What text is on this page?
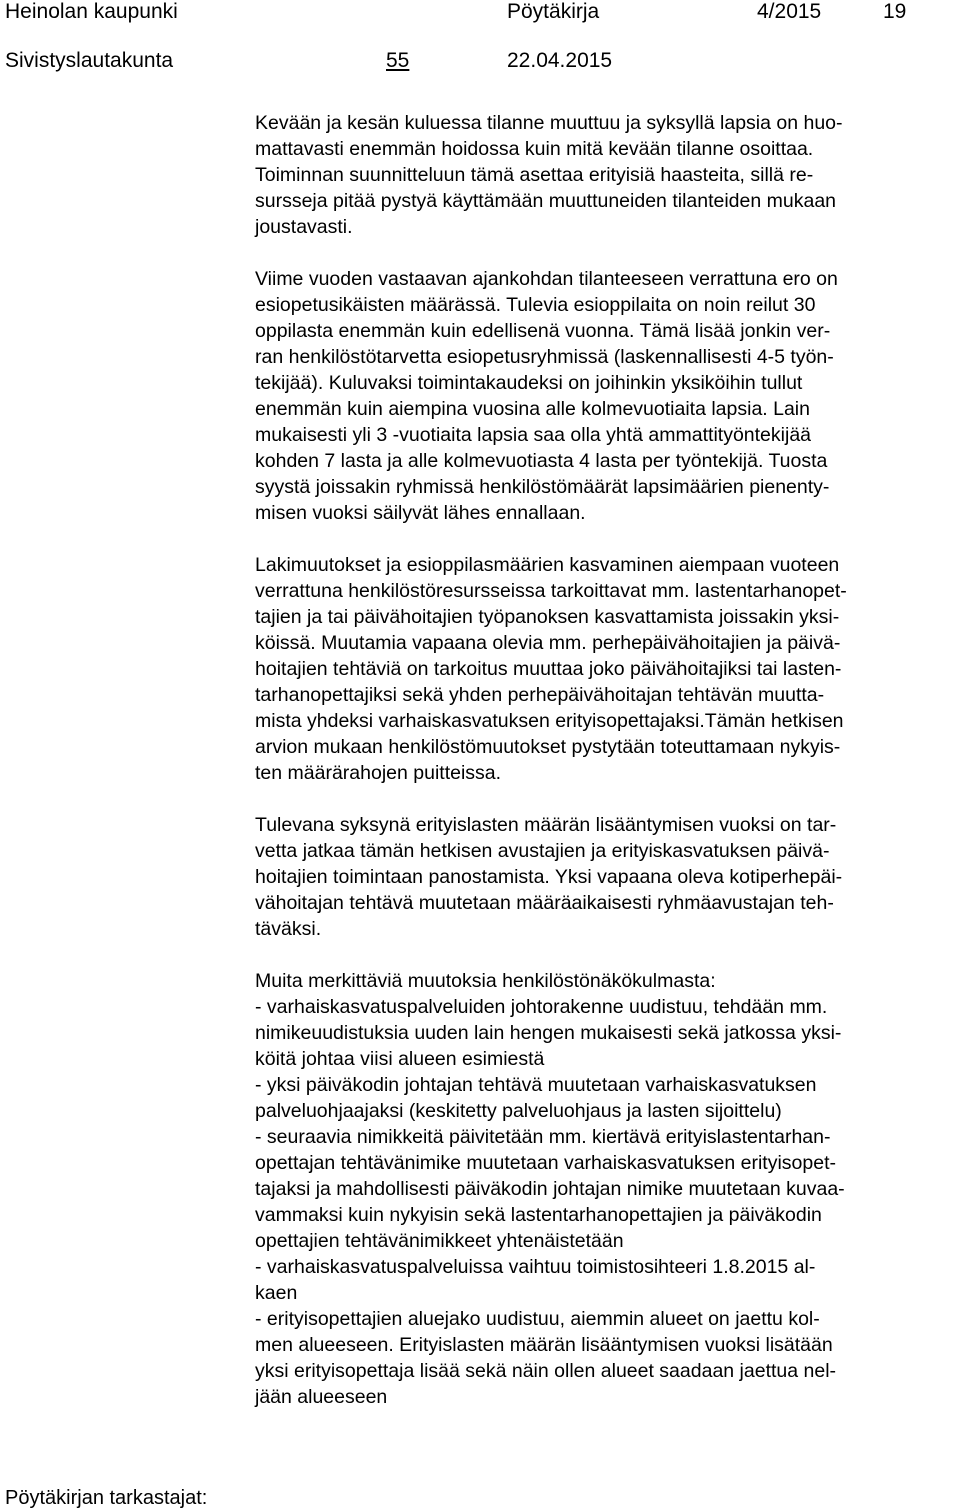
Heinolan kaupunki	Pöytäkirja	4/2015	19
Sivistyslautakunta	55	22.04.2015
Kevään ja kesän kuluessa tilanne muuttuu ja syksyllä lapsia on huo-
mattavasti enemmän hoidossa kuin mitä kevään tilanne osoittaa.
Toiminnan suunnitteluun tämä asettaa erityisiä haasteita, sillä re-
sursseja pitää pystyä käyttämään muuttuneiden tilanteiden mukaan
joustavasti.
Viime vuoden vastaavan ajankohdan tilanteeseen verrattuna ero on
esiopetusikäisten määrässä. Tulevia esioppilaita on noin reilut 30
oppilasta enemmän kuin edellisenä vuonna. Tämä lisää jonkin ver-
ran henkilöstötarvetta esiopetusryhmissä (laskennallisesti 4-5 työn-
tekijää). Kuluvaksi toimintakaudeksi on joihinkin yksiköihin tullut
enemmän kuin aiempina vuosina alle kolmevuotiaita lapsia. Lain
mukaisesti yli 3 -vuotiaita lapsia saa olla yhtä ammattityöntekijää
kohden 7 lasta ja alle kolmevuotiasta 4 lasta per työntekijä. Tuosta
syystä joissakin ryhmissä henkilöstömäärät lapsimäärien pienenty-
misen vuoksi säilyvät lähes ennallaan.
Lakimuutokset ja esioppilasmäärien kasvaminen aiempaan vuoteen
verrattuna henkilöstöresursseissa tarkoittavat mm. lastentarhanopet-
tajien ja tai päivähoitajien työpanoksen kasvattamista joissakin yksi-
köissä. Muutamia vapaana olevia mm. perhepäivähoitajien ja päivä-
hoitajien tehtäviä on tarkoitus muuttaa joko päivähoitajiksi tai lasten-
tarhanopettajiksi sekä yhden perhepäivähoitajan tehtävän muutta-
mista yhdeksi varhaiskasvatuksen erityisopettajaksi.Tämän hetkisen
arvion mukaan henkilöstömuutokset pystytään toteuttamaan nykyis-
ten määrärahojen puitteissa.
Tulevana syksynä erityislasten määrän lisääntymisen vuoksi on tar-
vetta jatkaa tämän hetkisen avustajien ja erityiskasvatuksen päivä-
hoitajien toimintaan panostamista. Yksi vapaana oleva kotiperhepäi-
vähoitajan tehtävä muutetaan määräaikaisesti ryhmäavustajan teh-
täväksi.
Muita merkittäviä muutoksia henkilöstönäkökulmasta:
- varhaiskasvatuspalveluiden johtorakenne uudistuu, tehdään mm.
nimikeuudistuksia uuden lain hengen mukaisesti sekä jatkossa yksi-
köitä johtaa viisi alueen esimiestä
- yksi päiväkodin johtajan tehtävä muutetaan varhaiskasvatuksen
palveluohjaajaksi (keskitetty palveluohjaus ja lasten sijoittelu)
- seuraavia nimikkeitä päivitetään mm. kiertävä erityislastentarhan-
opettajan tehtävänimike muutetaan varhaiskasvatuksen erityisopet-
tajaksi ja mahdollisesti päiväkodin johtajan nimike muutetaan kuvaa-
vammaksi kuin nykyisin sekä lastentarhanopettajien ja päiväkodin
opettajien tehtävänimikkeet yhtenäistetään
- varhaiskasvatuspalveluissa vaihtuu toimistosihteeri 1.8.2015 al-
kaen
- erityisopettajien aluejako uudistuu, aiemmin alueet on jaettu kol-
men alueeseen. Erityislasten määrän lisääntymisen vuoksi lisätään
yksi erityisopettaja lisää sekä näin ollen alueet saadaan jaettua nel-
jään alueeseen
Pöytäkirjan tarkastajat:
